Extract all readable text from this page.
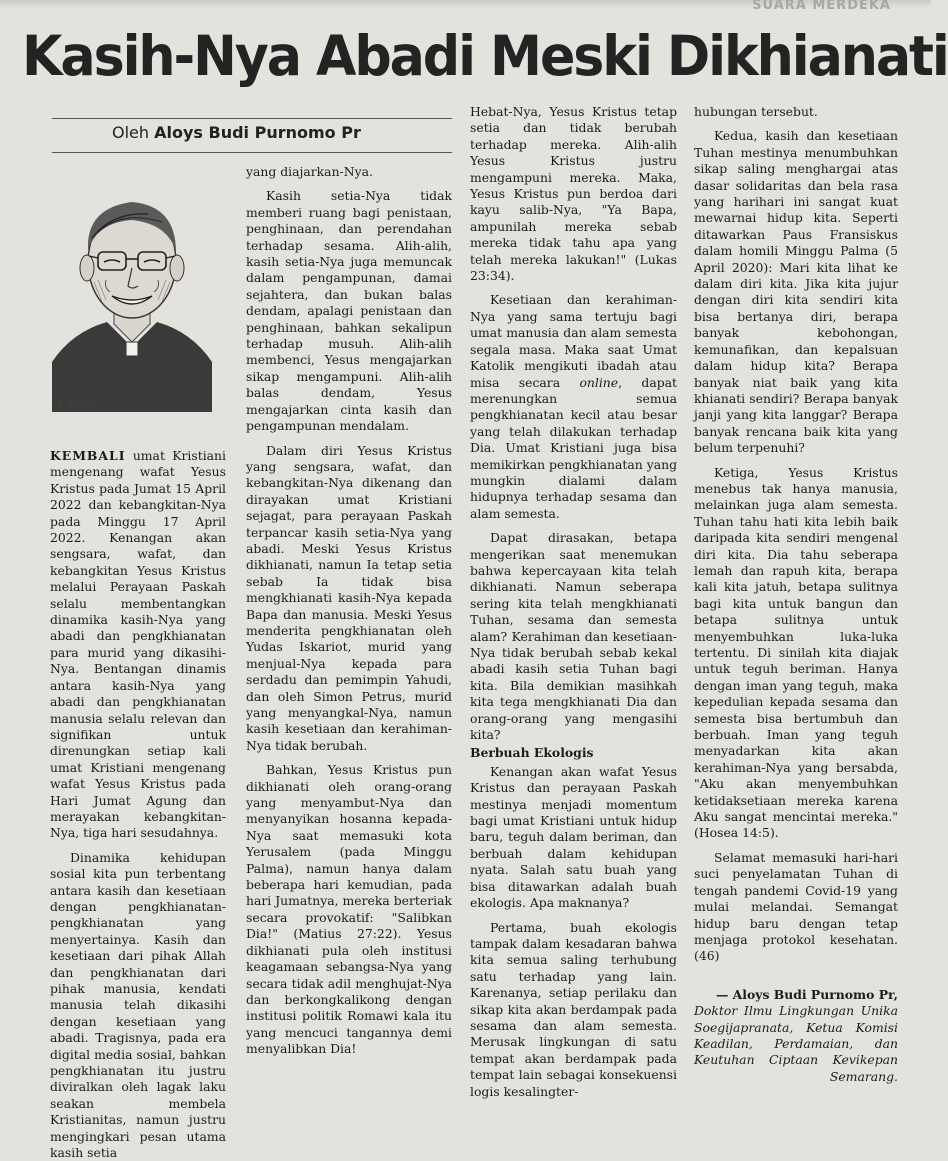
SUARA MERDEKA
Kasih-Nya Abadi Meski Dikhianati
Oleh Aloys Budi Purnomo Pr
T. Kolegio

KEMBALI umat Kristiani mengenang wafat Yesus Kristus pada Jumat 15 April 2022 dan kebangkitan-Nya pada Minggu 17 April 2022. Kenangan akan sengsara, wafat, dan kebangkitan Yesus Kristus melalui Perayaan Paskah selalu membentangkan dinamika kasih-Nya yang abadi dan pengkhianatan para murid yang dikasihi-Nya. Bentangan dinamis antara kasih-Nya yang abadi dan pengkhianatan manusia selalu relevan dan signifikan untuk direnungkan setiap kali umat Kristiani mengenang wafat Yesus Kristus pada Hari Jumat Agung dan merayakan kebangkitan-Nya, tiga hari sesudahnya.

Dinamika kehidupan sosial kita pun terbentang antara kasih dan kesetiaan dengan pengkhianatan-pengkhianatan yang menyertainya. Kasih dan kesetiaan dari pihak Allah dan pengkhianatan dari pihak manusia, kendati manusia telah dikasihi dengan kesetiaan yang abadi. Tragisnya, pada era digital media sosial, bahkan pengkhianatan itu justru diviralkan oleh lagak laku seakan membela Kristianitas, namun justru mengingkari pesan utama kasih setia

yang diajarkan-Nya.

Kasih setia-Nya tidak memberi ruang bagi penistaan, penghinaan, dan perendahan terhadap sesama. Alih-alih, kasih setia-Nya juga memuncak dalam pengampunan, damai sejahtera, dan bukan balas dendam, apalagi penistaan dan penghinaan, bahkan sekalipun terhadap musuh. Alih-alih membenci, Yesus mengajarkan sikap mengampuni. Alih-alih balas dendam, Yesus mengajarkan cinta kasih dan pengampunan mendalam.

Dalam diri Yesus Kristus yang sengsara, wafat, dan kebangkitan-Nya dikenang dan dirayakan umat Kristiani sejagat, para perayaan Paskah terpancar kasih setia-Nya yang abadi. Meski Yesus Kristus dikhianati, namun Ia tetap setia sebab Ia tidak bisa mengkhianati kasih-Nya kepada Bapa dan manusia. Meski Yesus menderita pengkhianatan oleh Yudas Iskariot, murid yang menjual-Nya kepada para serdadu dan pemimpin Yahudi, dan oleh Simon Petrus, murid yang menyangkal-Nya, namun kasih kesetiaan dan kerahiman-Nya tidak berubah.

Bahkan, Yesus Kristus pun dikhianati oleh orang-orang yang menyambut-Nya dan menyanyikan hosanna kepada-Nya saat memasuki kota Yerusalem (pada Minggu Palma), namun hanya dalam beberapa hari kemudian, pada hari Jumatnya, mereka berteriak secara provokatif: "Salibkan Dia!" (Matius 27:22). Yesus dikhianati pula oleh institusi keagamaan sebangsa-Nya yang secara tidak adil menghujat-Nya dan berkongkalikong dengan institusi politik Romawi kala itu yang mencuci tangannya demi menyalibkan Dia!

Hebat-Nya, Yesus Kristus tetap setia dan tidak berubah terhadap mereka. Alih-alih Yesus Kristus justru mengampuni mereka. Maka, Yesus Kristus pun berdoa dari kayu salib-Nya, "Ya Bapa, ampunilah mereka sebab mereka tidak tahu apa yang telah mereka lakukan!" (Lukas 23:34).

Kesetiaan dan kerahiman-Nya yang sama tertuju bagi umat manusia dan alam semesta segala masa. Maka saat Umat Katolik mengikuti ibadah atau misa secara online, dapat merenungkan semua pengkhianatan kecil atau besar yang telah dilakukan terhadap Dia. Umat Kristiani juga bisa memikirkan pengkhianatan yang mungkin dialami dalam hidupnya terhadap sesama dan alam semesta.

Dapat dirasakan, betapa mengerikan saat menemukan bahwa kepercayaan kita telah dikhianati. Namun seberapa sering kita telah mengkhianati Tuhan, sesama dan semesta alam? Kerahiman dan kesetiaan-Nya tidak berubah sebab kekal abadi kasih setia Tuhan bagi kita. Bila demikian masihkah kita tega mengkhianati Dia dan orang-orang yang mengasihi kita?

Berbuah Ekologis

Kenangan akan wafat Yesus Kristus dan perayaan Paskah mestinya menjadi momentum bagi umat Kristiani untuk hidup baru, teguh dalam beriman, dan berbuah dalam kehidupan nyata. Salah satu buah yang bisa ditawarkan adalah buah ekologis. Apa maknanya?

Pertama, buah ekologis tampak dalam kesadaran bahwa kita semua saling terhubung satu terhadap yang lain. Karenanya, setiap perilaku dan sikap kita akan berdampak pada sesama dan alam semesta. Merusak lingkungan di satu tempat akan berdampak pada tempat lain sebagai konsekuensi logis kesalingter-

hubungan tersebut.

Kedua, kasih dan kesetiaan Tuhan mestinya menumbuhkan sikap saling menghargai atas dasar solidaritas dan bela rasa yang harihari ini sangat kuat mewarnai hidup kita. Seperti ditawarkan Paus Fransiskus dalam homili Minggu Palma (5 April 2020): Mari kita lihat ke dalam diri kita. Jika kita jujur dengan diri kita sendiri kita bisa bertanya diri, berapa banyak kebohongan, kemunafikan, dan kepalsuan dalam hidup kita? Berapa banyak niat baik yang kita khianati sendiri? Berapa banyak janji yang kita langgar? Berapa banyak rencana baik kita yang belum terpenuhi?

Ketiga, Yesus Kristus menebus tak hanya manusia, melainkan juga alam semesta. Tuhan tahu hati kita lebih baik daripada kita sendiri mengenal diri kita. Dia tahu seberapa lemah dan rapuh kita, berapa kali kita jatuh, betapa sulitnya bagi kita untuk bangun dan betapa sulitnya untuk menyembuhkan luka-luka tertentu. Di sinilah kita diajak untuk teguh beriman. Hanya dengan iman yang teguh, maka kepedulian kepada sesama dan semesta bisa bertumbuh dan berbuah. Iman yang teguh menyadarkan kita akan kerahiman-Nya yang bersabda, "Aku akan menyembuhkan ketidaksetiaan mereka karena Aku sangat mencintai mereka." (Hosea 14:5).

Selamat memasuki hari-hari suci penyelamatan Tuhan di tengah pandemi Covid-19 yang mulai melandai. Semangat hidup baru dengan tetap menjaga protokol kesehatan. (46)

— Aloys Budi Purnomo Pr,
Doktor Ilmu Lingkungan Unika Soegijapranata, Ketua Komisi Keadilan, Perdamaian, dan Keutuhan Ciptaan Kevikepan Semarang.
